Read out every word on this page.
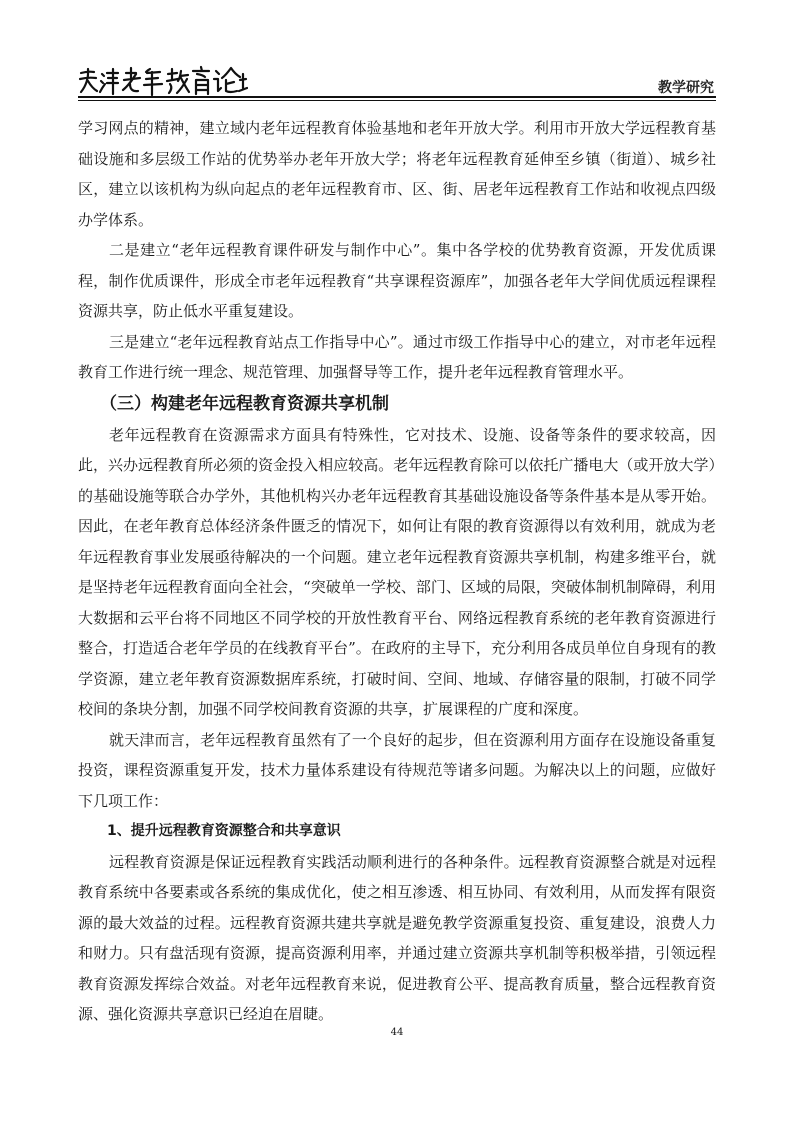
教学研究

学习网点的精神，建立域内老年远程教育体验基地和老年开放大学。利用市开放大学远程教育基础设施和多层级工作站的优势举办老年开放大学；将老年远程教育延伸至乡镇（街道）、城乡社区，建立以该机构为纵向起点的老年远程教育市、区、街、居老年远程教育工作站和收视点四级办学体系。

二是建立“老年远程教育课件研发与制作中心”。集中各学校的优势教育资源，开发优质课程，制作优质课件，形成全市老年远程教育“共享课程资源库”，加强各老年大学间优质远程课程资源共享，防止低水平重复建设。

三是建立“老年远程教育站点工作指导中心”。通过市级工作指导中心的建立，对市老年远程教育工作进行统一理念、规范管理、加强督导等工作，提升老年远程教育管理水平。

（三）构建老年远程教育资源共享机制

老年远程教育在资源需求方面具有特殊性，它对技术、设施、设备等条件的要求较高，因此，兴办远程教育所必须的资金投入相应较高。老年远程教育除可以依托广播电大（或开放大学）的基础设施等联合办学外，其他机构兴办老年远程教育其基础设施设备等条件基本是从零开始。因此，在老年教育总体经济条件匮乏的情况下，如何让有限的教育资源得以有效利用，就成为老年远程教育事业发展亟待解决的一个问题。建立老年远程教育资源共享机制，构建多维平台，就是坚持老年远程教育面向全社会，“突破单一学校、部门、区域的局限，突破体制机制障碍，利用大数据和云平台将不同地区不同学校的开放性教育平台、网络远程教育系统的老年教育资源进行整合，打造适合老年学员的在线教育平台”。在政府的主导下，充分利用各成员单位自身现有的教学资源，建立老年教育资源数据库系统，打破时间、空间、地域、存储容量的限制，打破不同学校间的条块分割，加强不同学校间教育资源的共享，扩展课程的广度和深度。

就天津而言，老年远程教育虽然有了一个良好的起步，但在资源利用方面存在设施设备重复投资，课程资源重复开发，技术力量体系建设有待规范等诸多问题。为解决以上的问题，应做好下几项工作：

1、提升远程教育资源整合和共享意识

远程教育资源是保证远程教育实践活动顺利进行的各种条件。远程教育资源整合就是对远程教育系统中各要素或各系统的集成优化，使之相互渗透、相互协同、有效利用，从而发挥有限资源的最大效益的过程。远程教育资源共建共享就是避免教学资源重复投资、重复建设，浪费人力和财力。只有盘活现有资源，提高资源利用率，并通过建立资源共享机制等积极举措，引领远程教育资源发挥综合效益。对老年远程教育来说，促进教育公平、提高教育质量，整合远程教育资源、强化资源共享意识已经迫在眉睫。

44
